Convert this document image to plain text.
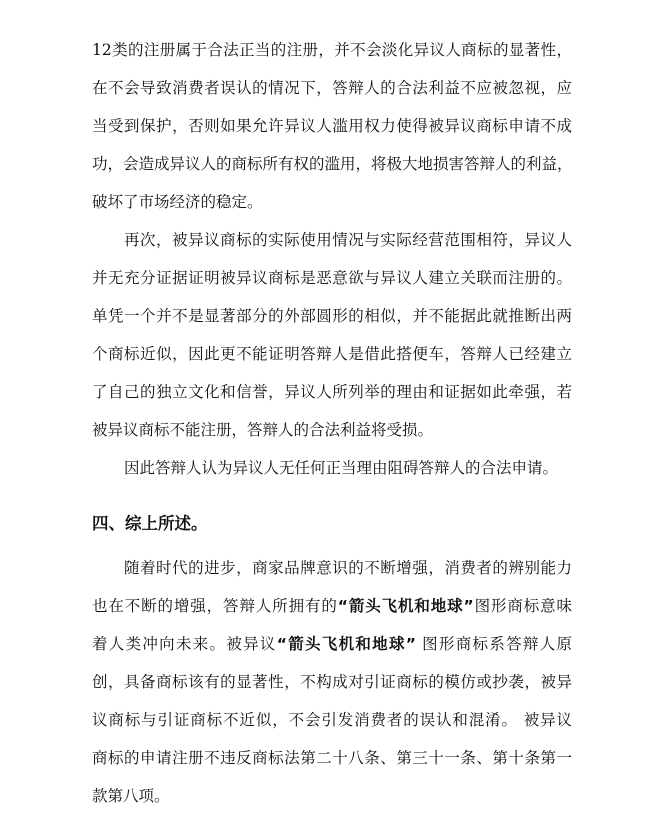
12类的注册属于合法正当的注册，并不会淡化异议人商标的显著性，
在不会导致消费者误认的情况下，答辩人的合法利益不应被忽视，应
当受到保护，否则如果允许异议人滥用权力使得被异议商标申请不成
功，会造成异议人的商标所有权的滥用，将极大地损害答辩人的利益，
破坏了市场经济的稳定。
再次，被异议商标的实际使用情况与实际经营范围相符，异议人
并无充分证据证明被异议商标是恶意欲与异议人建立关联而注册的。
单凭一个并不是显著部分的外部圆形的相似，并不能据此就推断出两
个商标近似，因此更不能证明答辩人是借此搭便车，答辩人已经建立
了自己的独立文化和信誉，异议人所列举的理由和证据如此牵强，若
被异议商标不能注册，答辩人的合法利益将受损。
因此答辩人认为异议人无任何正当理由阻碍答辩人的合法申请。
四、综上所述。
随着时代的进步，商家品牌意识的不断增强，消费者的辨别能力
也在不断的增强，答辩人所拥有的“箭头飞机和地球”图形商标意味
着人类冲向未来。被异议“箭头飞机和地球” 图形商标系答辩人原
创，具备商标该有的显著性，不构成对引证商标的模仿或抄袭，被异
议商标与引证商标不近似，不会引发消费者的误认和混淆。 被异议
商标的申请注册不违反商标法第二十八条、第三十一条、第十条第一
款第八项。
